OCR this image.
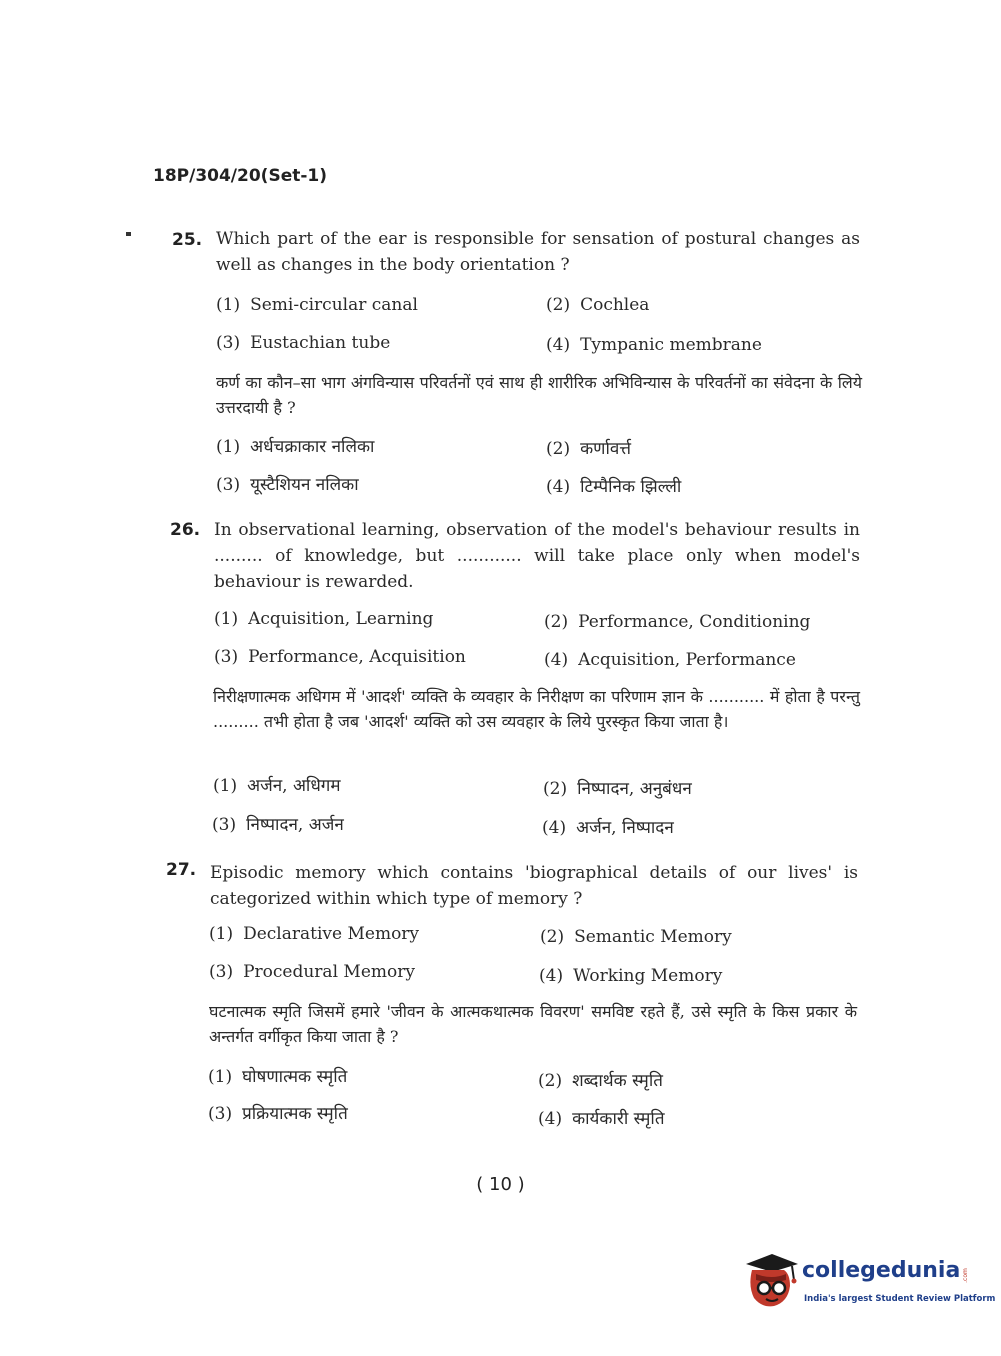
18P/304/20(Set-1)
25. Which part of the ear is responsible for sensation of postural changes as well as changes in the body orientation ?
(1) Semi-circular canal	(2) Cochlea
(3) Eustachian tube	(4) Tympanic membrane
कर्ण का कौन–सा भाग अंगविन्यास परिवर्तनों एवं साथ ही शारीरिक अभिविन्यास के परिवर्तनों का संवेदना के लिये उत्तरदायी है ?
(1) अर्धचक्राकार नलिका	(2) कर्णावर्त्त
(3) यूस्टैशियन नलिका	(4) टिम्पैनिक झिल्ली
26. In observational learning, observation of the model's behaviour results in ......... of knowledge, but ............ will take place only when model's behaviour is rewarded.
(1) Acquisition, Learning	(2) Performance, Conditioning
(3) Performance, Acquisition	(4) Acquisition, Performance
निरीक्षणात्मक अधिगम में 'आदर्श' व्यक्ति के व्यवहार के निरीक्षण का परिणाम ज्ञान के ........... में होता है परन्तु ......... तभी होता है जब 'आदर्श' व्यक्ति को उस व्यवहार के लिये पुरस्कृत किया जाता है।
(1) अर्जन, अधिगम	(2) निष्पादन, अनुबंधन
(3) निष्पादन, अर्जन	(4) अर्जन, निष्पादन
27. Episodic memory which contains 'biographical details of our lives' is categorized within which type of memory ?
(1) Declarative Memory	(2) Semantic Memory
(3) Procedural Memory	(4) Working Memory
घटनात्मक स्मृति जिसमें हमारे 'जीवन के आत्मकथात्मक विवरण' समविष्ट रहते हैं, उसे स्मृति के किस प्रकार के अन्तर्गत वर्गीकृत किया जाता है ?
(1) घोषणात्मक स्मृति	(2) शब्दार्थक स्मृति
(3) प्रक्रियात्मक स्मृति	(4) कार्यकारी स्मृति
( 10 )
collegedunia .com
India's largest Student Review Platform
